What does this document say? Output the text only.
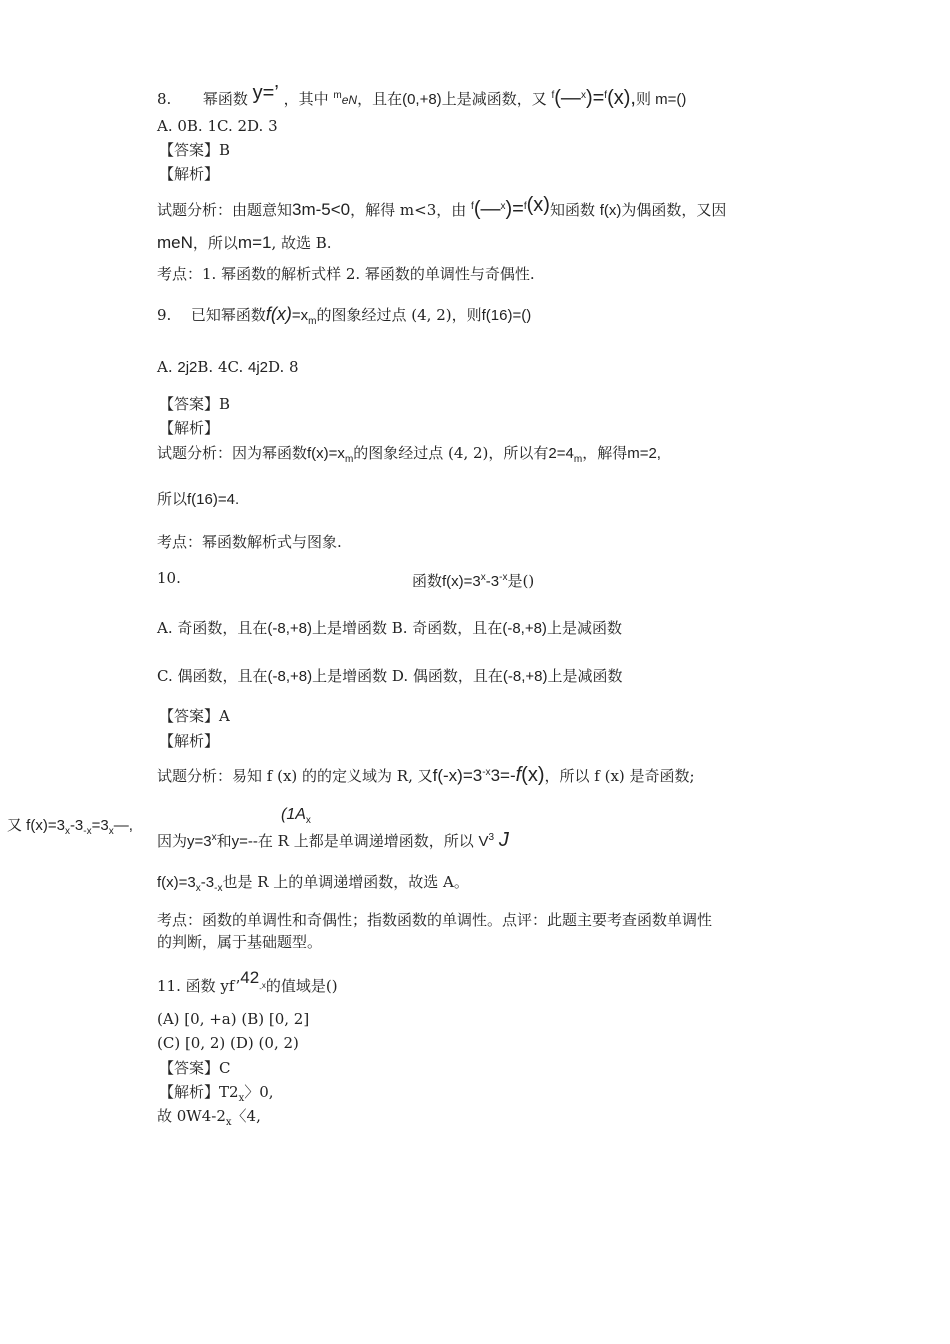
8. 幂函数 y=’ ，其中 $^m$eN，且在(0,+8)上是减函数，又 $^f$(—$^x$)=$^f$(x),则 m=()
A. 0B. 1C. 2D. 3
【答案】B
【解析】
试题分析：由题意知3m-5<0，解得 m<3，由 $^f$(—$^x$)=$^f$(x)知函数 f(x)为偶函数，又因
meN，所以m=1, 故选 B.
考点：1. 幂函数的解析式样 2. 幂函数的单调性与奇偶性.
9. 已知幂函数$f(x)=x_m$的图象经过点 (4, 2)，则f(16)=()
A. 2j2B. 4C. 4j2D. 8
【答案】B
【解析】
试题分析：因为幂函数$f(x)=x_m$的图象经过点 (4, 2)，所以有$2=4_m$，解得m=2,
所以f(16)=4.
考点：幂函数解析式与图象.
10.	函数$f(x)=3^x-3^{-x}$是()
A. 奇函数，且在(-8,+8)上是增函数 B. 奇函数，且在(-8,+8)上是减函数
C. 偶函数，且在(-8,+8)上是增函数 D. 偶函数，且在(-8,+8)上是减函数
【答案】A
【解析】
试题分析：易知 f (x) 的的定义域为 R, 又$f(-x)=3^{-x}3=-f(x)$，所以 f (x) 是奇函数;
又 $f(x)=3_x-3_{-x}=3_x—$,
($1A_x$
因为$y=3^x$和y=--在 R 上都是单调递增函数，所以 $V^3$ J
$f(x)=3_x-3_{-x}$也是 R 上的单调递增函数，故选 A。
考点：函数的单调性和奇偶性；指数函数的单调性。点评：此题主要考查函数单调性
的判断，属于基础题型。
11. 函数 yf’42-$^x$的值域是()
(A) [0, +a) (B) [0, 2]
(C) [0, 2) (D) (0, 2)
【答案】C
【解析】$T2_x$〉0,
故 $0W4-2_x$〈4,
